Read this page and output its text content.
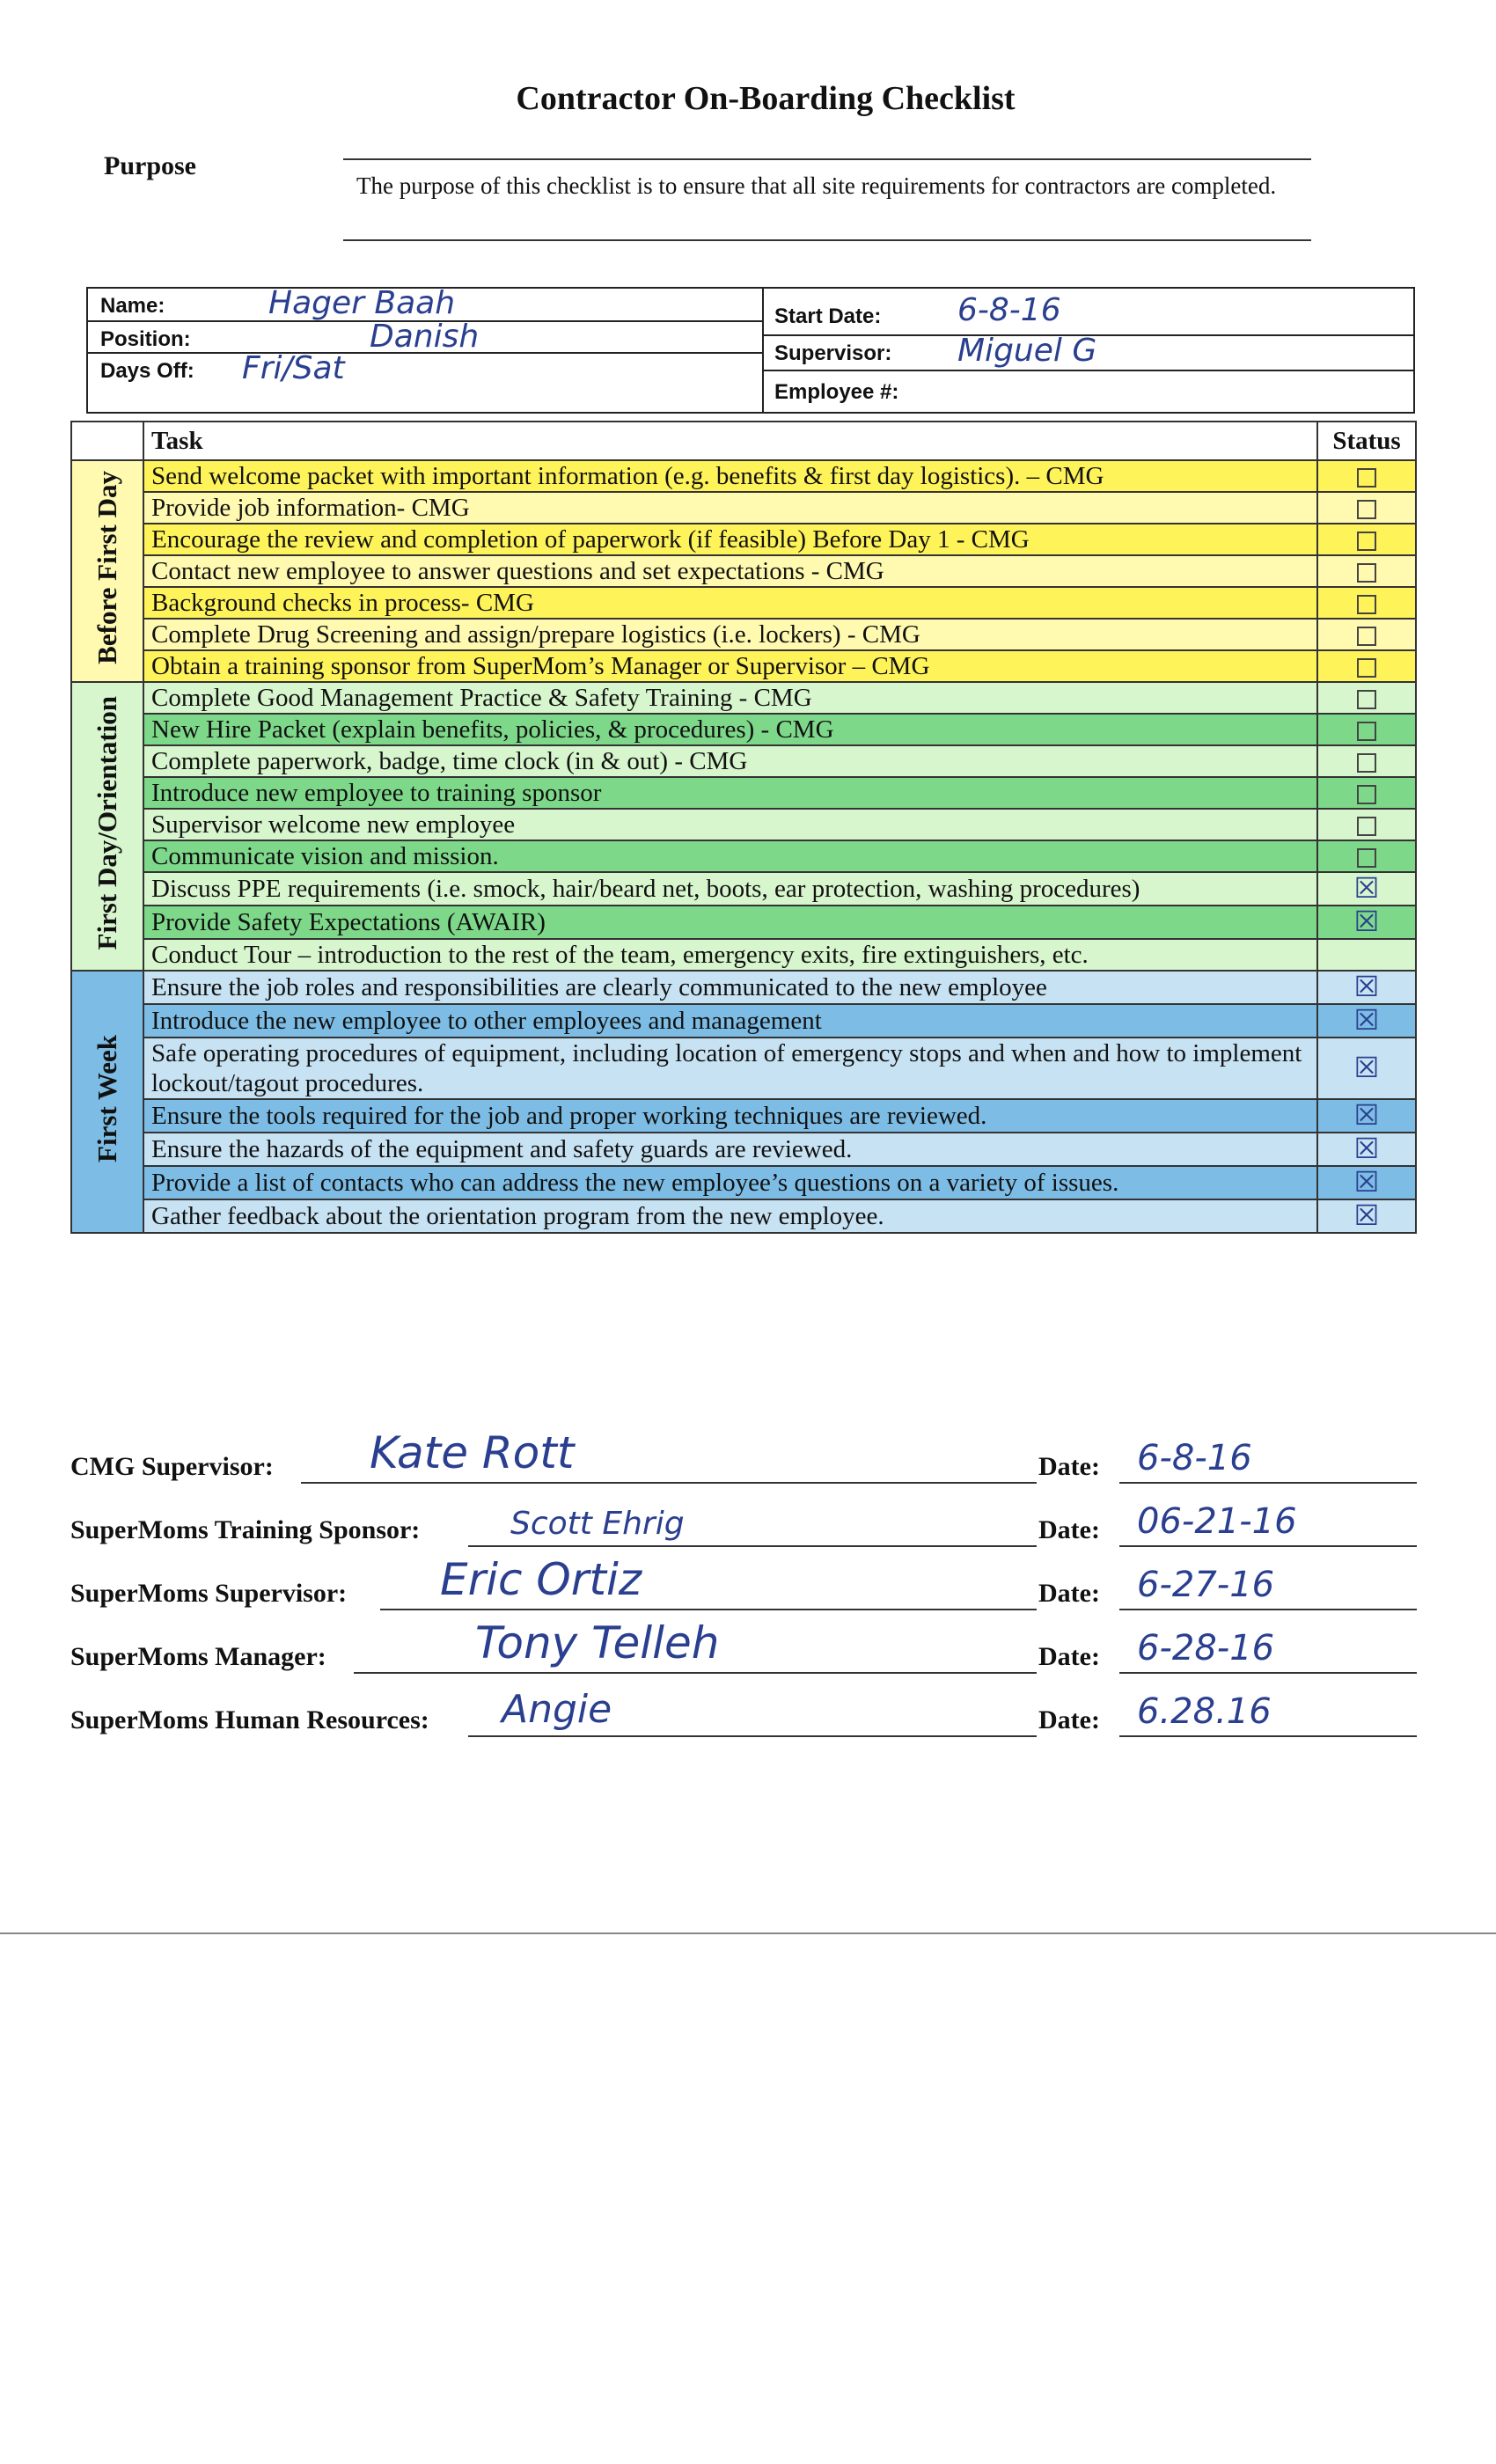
Contractor On-Boarding Checklist
Purpose
The purpose of this checklist is to ensure that all site requirements for contractors are completed.
Name:	Hager Baah
Position:	Danish
Days Off: Fri/Sat
Start Date: 6-8-16
Supervisor: Miguel G
Employee #:
	Task	Status
Before First Day	Send welcome packet with important information (e.g. benefits & first day logistics). – CMG	
	Provide job information- CMG	
	Encourage the review and completion of paperwork (if feasible) Before Day 1 - CMG	
	Contact new employee to answer questions and set expectations - CMG	
	Background checks in process- CMG	
	Complete Drug Screening and assign/prepare logistics (i.e. lockers) - CMG	
	Obtain a training sponsor from SuperMom’s Manager or Supervisor – CMG	
First Day/Orientation	Complete Good Management Practice & Safety Training - CMG	
	New Hire Packet (explain benefits, policies, & procedures) - CMG	
	Complete paperwork, badge, time clock (in & out) - CMG	
	Introduce new employee to training sponsor	
	Supervisor welcome new employee	
	Communicate vision and mission.	
	Discuss PPE requirements (i.e. smock, hair/beard net, boots, ear protection, washing procedures)	☒
	Provide Safety Expectations (AWAIR)	☒
	Conduct Tour – introduction to the rest of the team, emergency exits, fire extinguishers, etc.	
First Week	Ensure the job roles and responsibilities are clearly communicated to the new employee	☒
	Introduce the new employee to other employees and management	☒
	Safe operating procedures of equipment, including location of emergency stops and when and how to implement lockout/tagout procedures.	☒
	Ensure the tools required for the job and proper working techniques are reviewed.	☒
	Ensure the hazards of the equipment and safety guards are reviewed.	☒
	Provide a list of contacts who can address the new employee’s questions on a variety of issues.	☒
	Gather feedback about the orientation program from the new employee.	☒
CMG Supervisor: Kate Rott	Date: 6-8-16
SuperMoms Training Sponsor:	Scott Ehrig	Date: 06-21-16
SuperMoms Supervisor: Eric Ortiz	Date: 6-27-16
SuperMoms Manager:	Tony Telleh	Date: 6-28-16
SuperMoms Human Resources: Angie	Date: 6.28.16
